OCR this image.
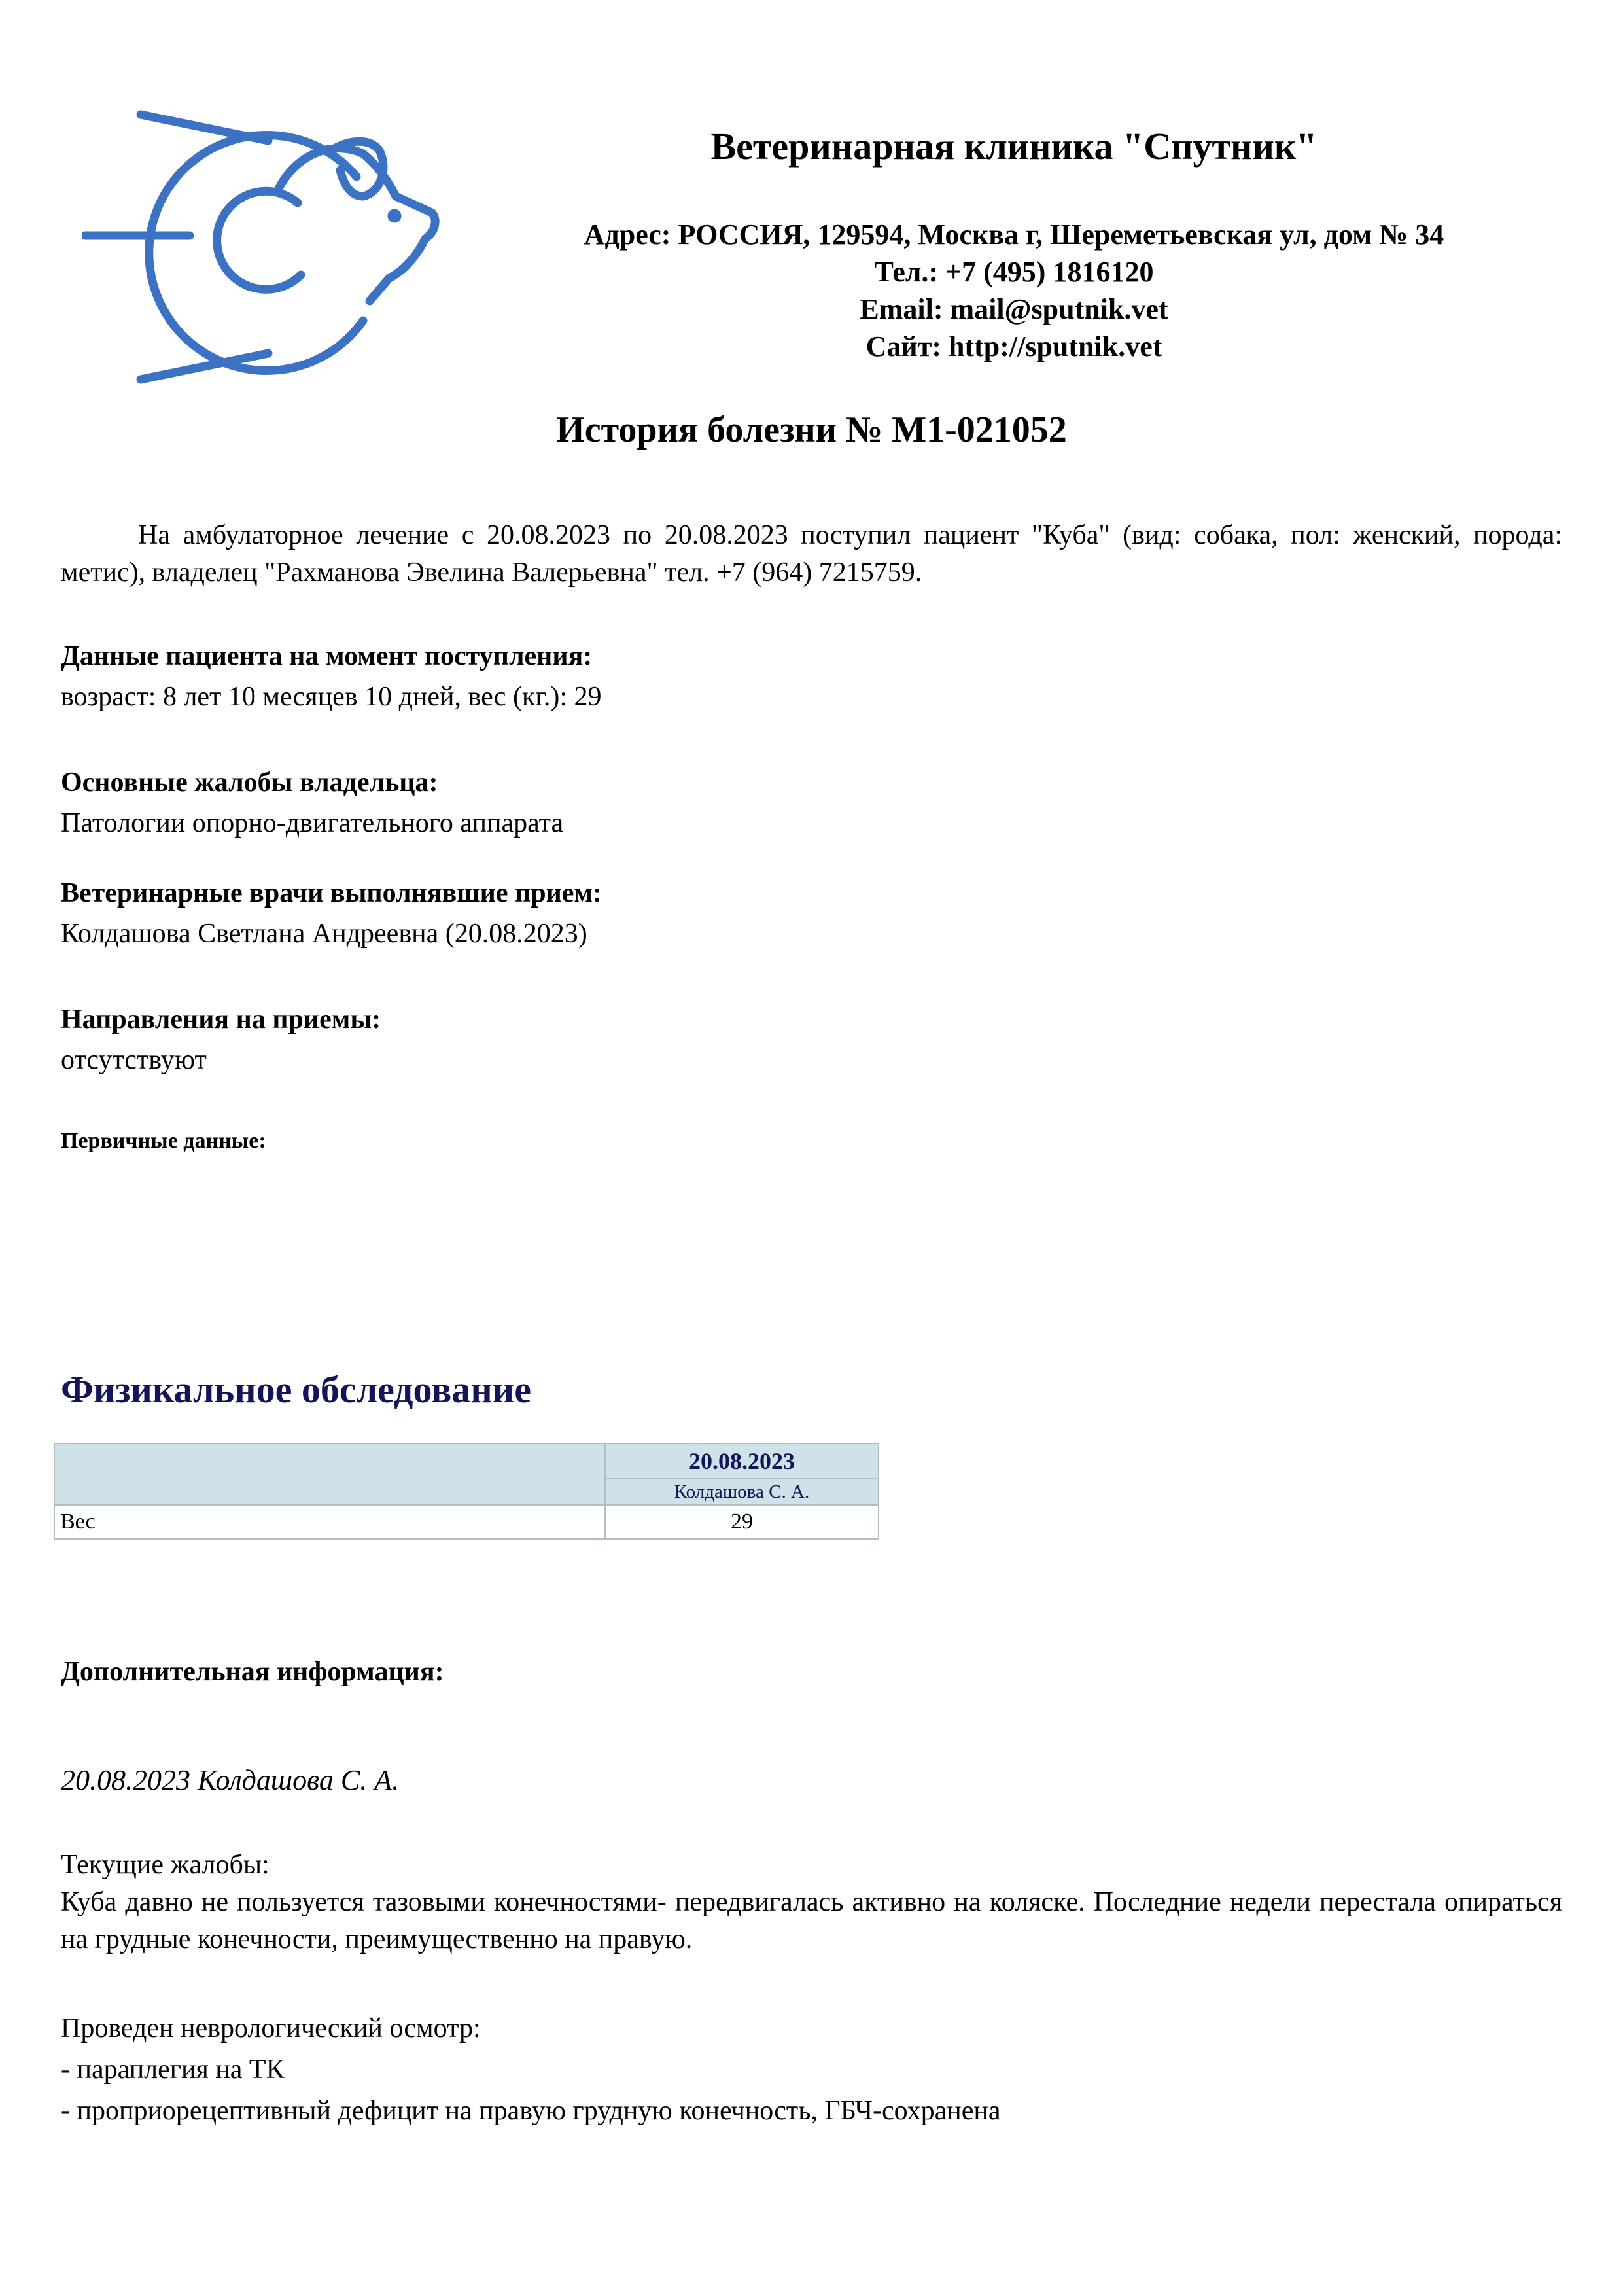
Ветеринарная клиника "Спутник"
Адрес: РОССИЯ, 129594, Москва г, Шереметьевская ул, дом № 34
Тел.: +7 (495) 1816120
Email: mail@sputnik.vet
Сайт: http://sputnik.vet
История болезни № М1-021052
На амбулаторное лечение с 20.08.2023 по 20.08.2023 поступил пациент "Куба" (вид: собака, пол: женский, порода: метис), владелец "Рахманова Эвелина Валерьевна" тел. +7 (964) 7215759.
Данные пациента на момент поступления:
возраст: 8 лет 10 месяцев 10 дней, вес (кг.): 29
Основные жалобы владельца:
Патологии опорно-двигательного аппарата
Ветеринарные врачи выполнявшие прием:
Колдашова Светлана Андреевна (20.08.2023)
Направления на приемы:
отсутствуют
Первичные данные:
Физикальное обследование
	20.08.2023
	Колдашова С. А.
Вес	29
Дополнительная информация:
20.08.2023 Колдашова С. А.
Текущие жалобы:
Куба давно не пользуется тазовыми конечностями- передвигалась активно на коляске. Последние недели перестала опираться на грудные конечности, преимущественно на правую.
Проведен неврологический осмотр:
- параплегия на ТК
- проприорецептивный дефицит на правую грудную конечность, ГБЧ-сохранена
